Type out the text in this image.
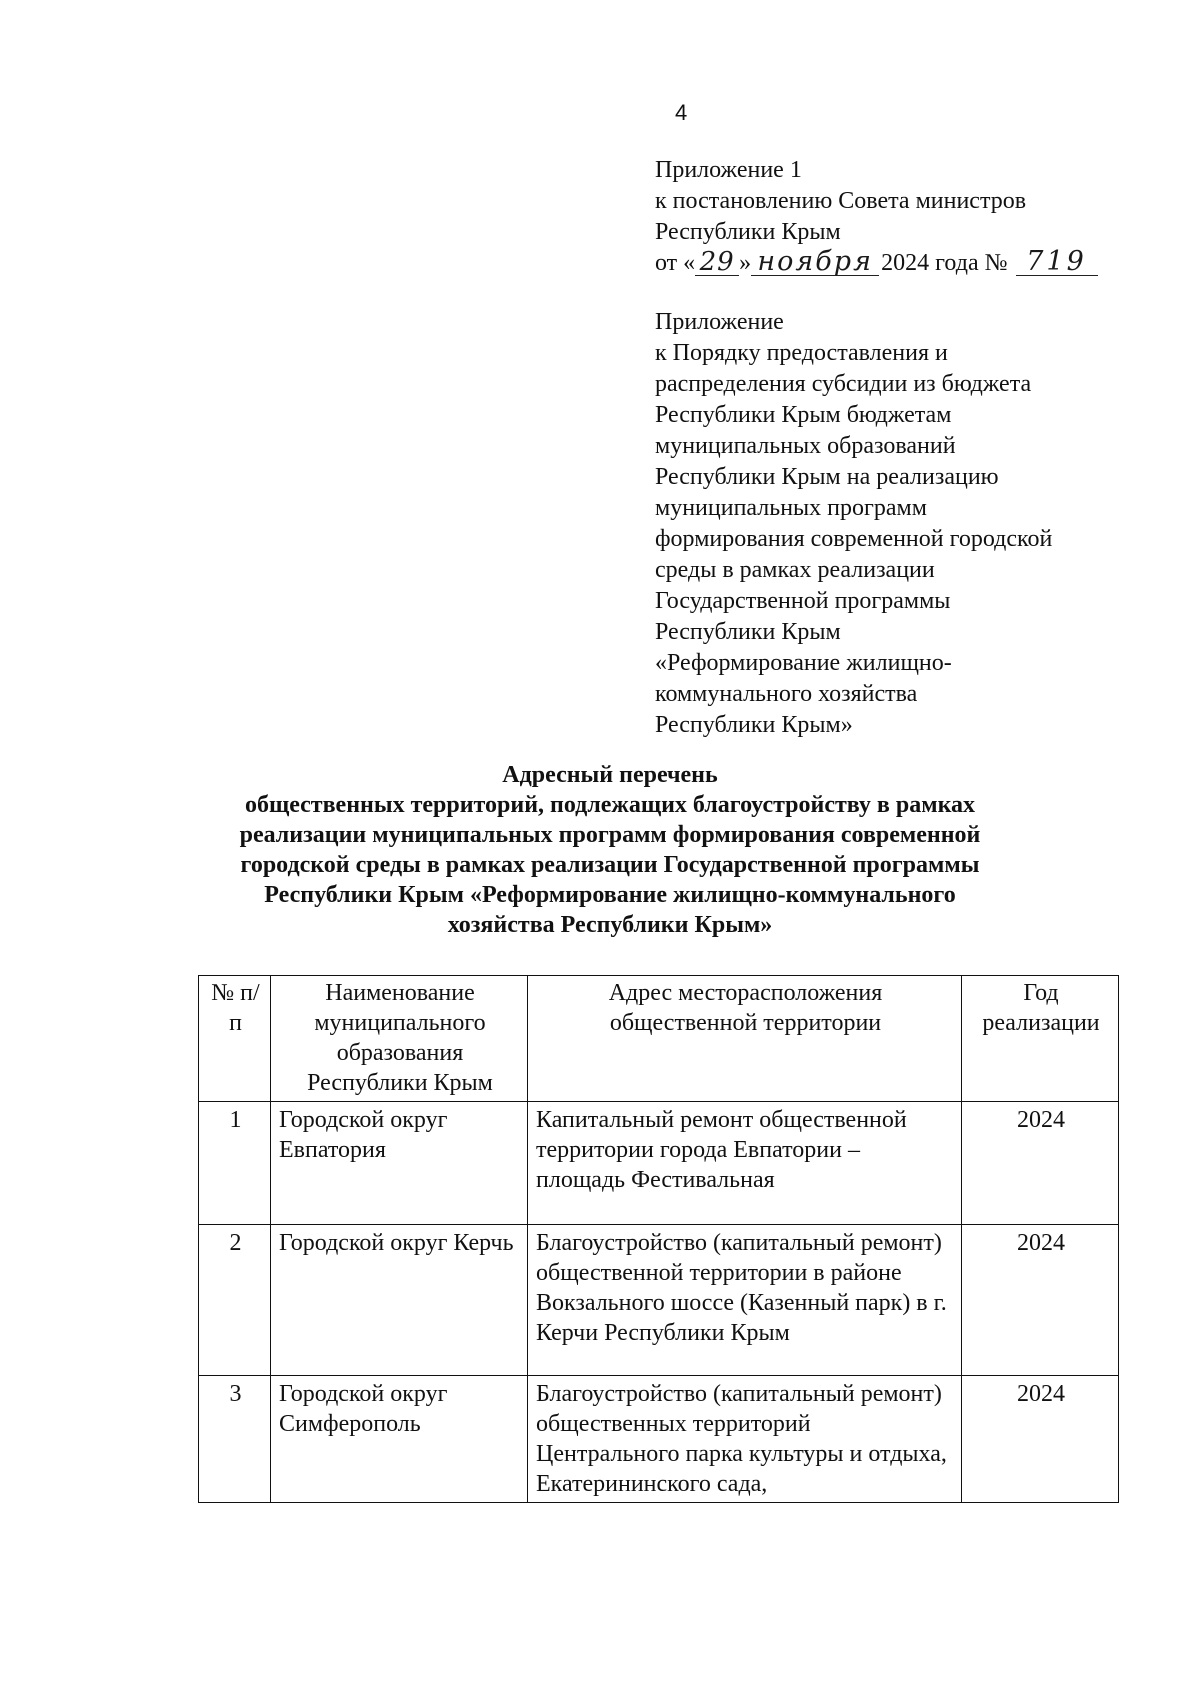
4
Приложение 1
к постановлению Совета министров
Республики Крым
от « 29 » ноября 2024 года № 719
Приложение
к Порядку предоставления и
распределения субсидии из бюджета
Республики Крым бюджетам
муниципальных образований
Республики Крым на реализацию
муниципальных программ
формирования современной городской
среды в рамках реализации
Государственной программы
Республики Крым
«Реформирование жилищно-
коммунального хозяйства
Республики Крым»
Адресный перечень
общественных территорий, подлежащих благоустройству в рамках
реализации муниципальных программ формирования современной
городской среды в рамках реализации Государственной программы
Республики Крым «Реформирование жилищно-коммунального
хозяйства Республики Крым»
№ п/п	Наименование муниципального образования Республики Крым	Адрес месторасположения общественной территории	Год реализации
1	Городской округ Евпатория	Капитальный ремонт общественной территории города Евпатории – площадь Фестивальная	2024
2	Городской округ Керчь	Благоустройство (капитальный ремонт) общественной территории в районе Вокзального шоссе (Казенный парк) в г. Керчи Республики Крым	2024
3	Городской округ Симферополь	Благоустройство (капитальный ремонт) общественных территорий Центрального парка культуры и отдыха, Екатерининского сада,	2024
